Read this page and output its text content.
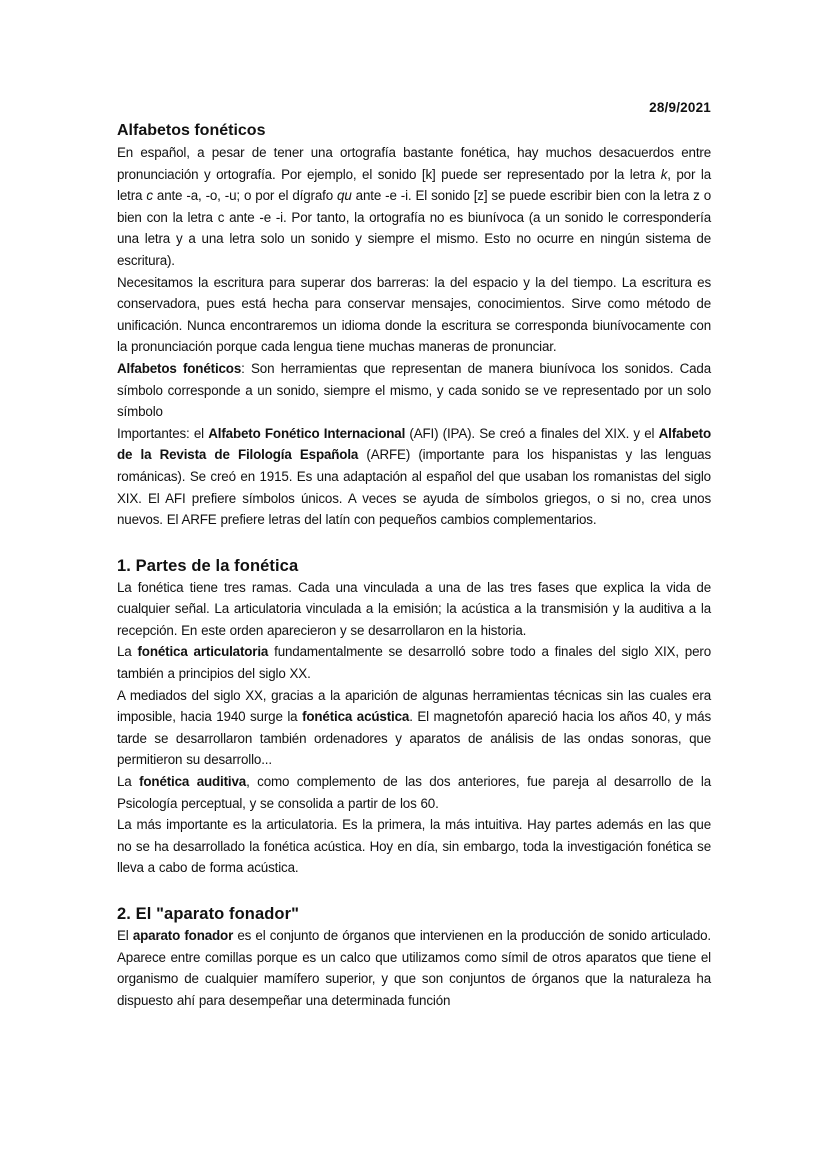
28/9/2021
Alfabetos fonéticos

En español, a pesar de tener una ortografía bastante fonética, hay muchos desacuerdos entre pronunciación y ortografía. Por ejemplo, el sonido [k] puede ser representado por la letra k, por la letra c ante -a, -o, -u; o por el dígrafo qu ante -e -i. El sonido [z] se puede escribir bien con la letra z o bien con la letra c ante -e -i. Por tanto, la ortografía no es biunívoca (a un sonido le correspondería una letra y a una letra solo un sonido y siempre el mismo. Esto no ocurre en ningún sistema de escritura).

Necesitamos la escritura para superar dos barreras: la del espacio y la del tiempo. La escritura es conservadora, pues está hecha para conservar mensajes, conocimientos. Sirve como método de unificación. Nunca encontraremos un idioma donde la escritura se corresponda biunívocamente con la pronunciación porque cada lengua tiene muchas maneras de pronunciar.

Alfabetos fonéticos: Son herramientas que representan de manera biunívoca los sonidos. Cada símbolo corresponde a un sonido, siempre el mismo, y cada sonido se ve representado por un solo símbolo

Importantes: el Alfabeto Fonético Internacional (AFI) (IPA). Se creó a finales del XIX. y el Alfabeto de la Revista de Filología Española (ARFE) (importante para los hispanistas y las lenguas románicas). Se creó en 1915. Es una adaptación al español del que usaban los romanistas del siglo XIX. El AFI prefiere símbolos únicos. A veces se ayuda de símbolos griegos, o si no, crea unos nuevos. El ARFE prefiere letras del latín con pequeños cambios complementarios.

1. Partes de la fonética

La fonética tiene tres ramas. Cada una vinculada a una de las tres fases que explica la vida de cualquier señal. La articulatoria vinculada a la emisión; la acústica a la transmisión y la auditiva a la recepción. En este orden aparecieron y se desarrollaron en la historia.

La fonética articulatoria fundamentalmente se desarrolló sobre todo a finales del siglo XIX, pero también a principios del siglo XX.

A mediados del siglo XX, gracias a la aparición de algunas herramientas técnicas sin las cuales era imposible, hacia 1940 surge la fonética acústica. El magnetofón apareció hacia los años 40, y más tarde se desarrollaron también ordenadores y aparatos de análisis de las ondas sonoras, que permitieron su desarrollo...

La fonética auditiva, como complemento de las dos anteriores, fue pareja al desarrollo de la Psicología perceptual, y se consolida a partir de los 60.

La más importante es la articulatoria. Es la primera, la más intuitiva. Hay partes además en las que no se ha desarrollado la fonética acústica. Hoy en día, sin embargo, toda la investigación fonética se lleva a cabo de forma acústica.

2. El "aparato fonador"

El aparato fonador es el conjunto de órganos que intervienen en la producción de sonido articulado. Aparece entre comillas porque es un calco que utilizamos como símil de otros aparatos que tiene el organismo de cualquier mamífero superior, y que son conjuntos de órganos que la naturaleza ha dispuesto ahí para desempeñar una determinada función
